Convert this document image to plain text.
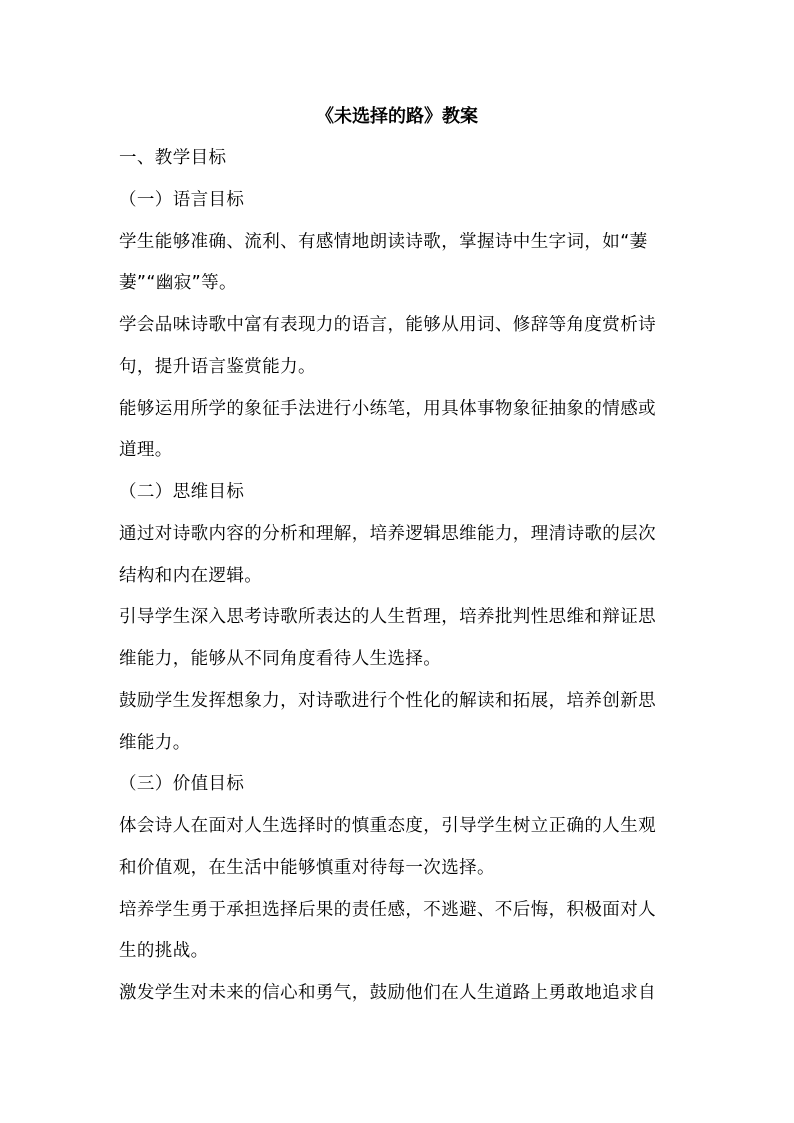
《未选择的路》教案
一、教学目标
（一）语言目标
学生能够准确、流利、有感情地朗读诗歌，掌握诗中生字词，如“萋
萋”“幽寂”等。
学会品味诗歌中富有表现力的语言，能够从用词、修辞等角度赏析诗
句，提升语言鉴赏能力。
能够运用所学的象征手法进行小练笔，用具体事物象征抽象的情感或
道理。
（二）思维目标
通过对诗歌内容的分析和理解，培养逻辑思维能力，理清诗歌的层次
结构和内在逻辑。
引导学生深入思考诗歌所表达的人生哲理，培养批判性思维和辩证思
维能力，能够从不同角度看待人生选择。
鼓励学生发挥想象力，对诗歌进行个性化的解读和拓展，培养创新思
维能力。
（三）价值目标
体会诗人在面对人生选择时的慎重态度，引导学生树立正确的人生观
和价值观，在生活中能够慎重对待每一次选择。
培养学生勇于承担选择后果的责任感，不逃避、不后悔，积极面对人
生的挑战。
激发学生对未来的信心和勇气，鼓励他们在人生道路上勇敢地追求自
